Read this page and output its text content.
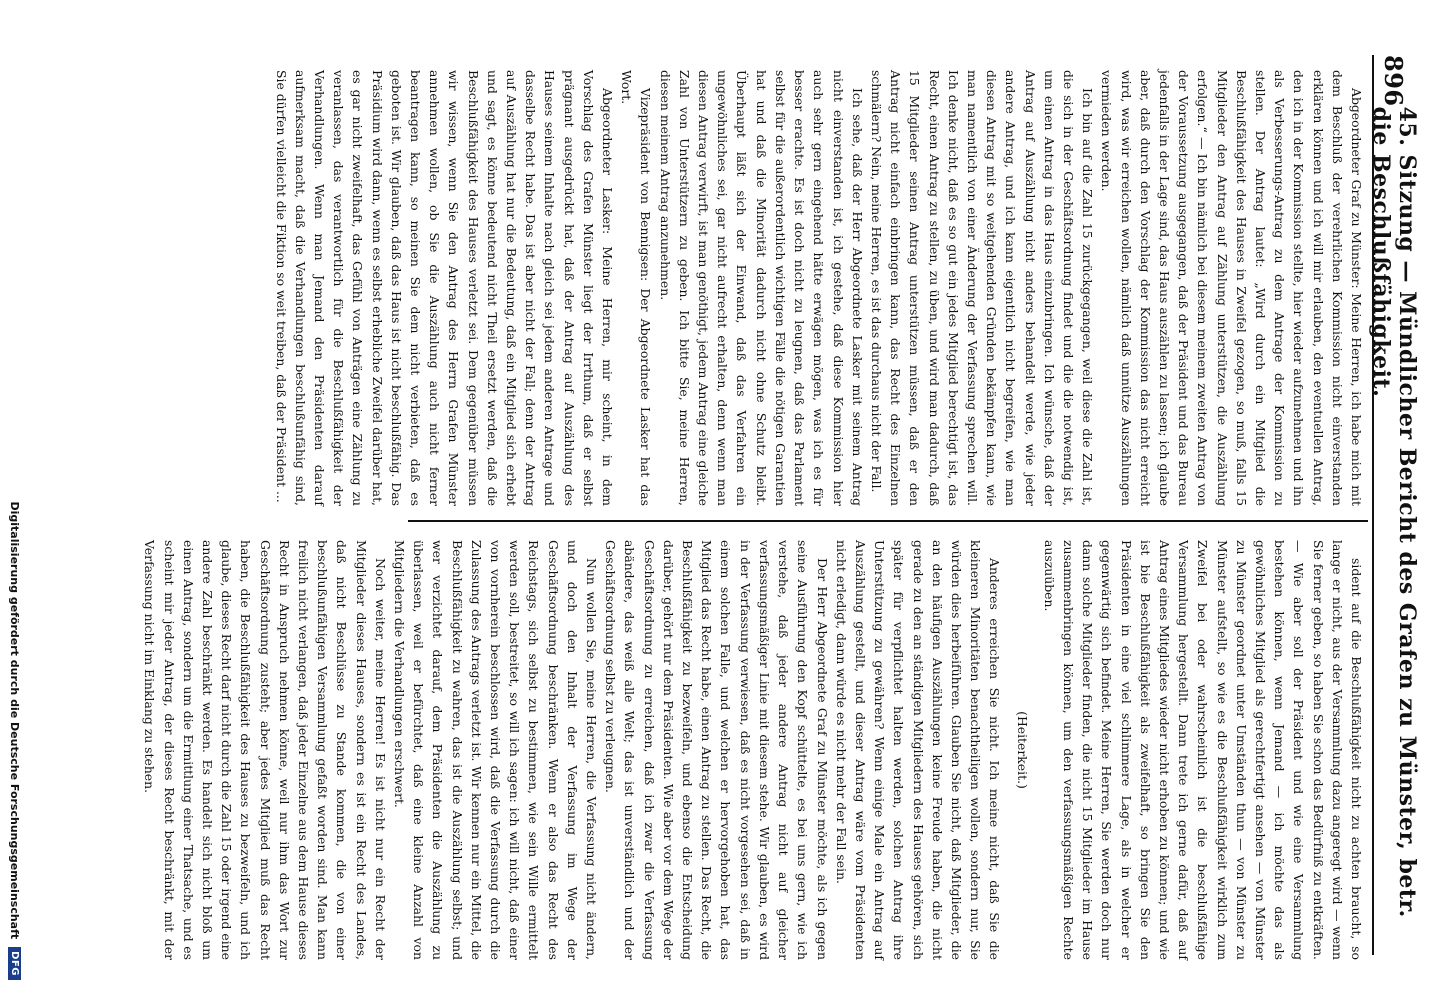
896
45. Sitzung — Mündlicher Bericht des Grafen zu Münster, betr. die Beschlußfähigkeit.

Abgeordneter Graf zu Münster: Meine Herren, ich habe mich mit dem Beschluß der verehrlichen Kommission nicht einverstanden erklären können und ich will mir erlauben, den eventuellen Antrag, den ich in der Kommission stellte, hier wieder aufzunehmen und ihn als Verbesserungs-Antrag zu dem Antrage der Kommission zu stellen. Der Antrag lautet: „Wird durch ein Mitglied die Beschlußfähigkeit des Hauses in Zweifel gezogen, so muß, falls 15 Mitglieder den Antrag auf Zählung unterstützen, die Auszählung erfolgen.“ — Ich bin nämlich bei diesem meinem zweiten Antrag von der Voraussetzung ausgegangen, daß der Präsident und das Bureau jedenfalls in der Lage sind, das Haus auszählen zu lassen; ich glaube aber, daß durch den Vorschlag der Kommission das nicht erreicht wird, was wir erreichen wollen, nämlich daß unnütze Auszählungen vermieden werden.

Ich bin auf die Zahl 15 zurückgegangen, weil diese die Zahl ist, die sich in der Geschäftsordnung findet und die die notwendig ist, um einen Antrag in das Haus einzubringen. Ich wünsche, daß der Antrag auf Auszählung nicht anders behandelt werde, wie jeder andere Antrag, und ich kann eigentlich nicht begreifen, wie man diesen Antrag mit so weitgehenden Gründen bekämpfen kann, wie man namentlich von einer Änderung der Verfassung sprechen will. Ich denke nicht, daß es so gut ein jedes Mitglied berechtigt ist, das Recht, einen Antrag zu stellen, zu üben, und wird man dadurch, daß 15 Mitglieder seinen Antrag unterstützen müssen, daß er den Antrag nicht einfach einbringen kann, das Recht des Einzelnen schmälern? Nein, meine Herren, es ist das durchaus nicht der Fall.

Ich sehe, daß der Herr Abgeordnete Lasker mit seinem Antrag nicht einverstanden ist, ich gestehe, daß diese Kommission hier auch sehr gern eingehend hätte erwägen mögen, was ich es für besser erachte. Es ist doch nicht zu leugnen, daß das Parlament selbst für die außerordentlich wichtigen Fälle die nötigen Garantien hat und daß die Minorität dadurch nicht ohne Schutz bleibt. Überhaupt läßt sich der Einwand, daß das Verfahren ein ungewöhnliches sei, gar nicht aufrecht erhalten, denn wenn man diesen Antrag verwirft, ist man genöthigt, jedem Antrag eine gleiche Zahl von Unterstützern zu geben. Ich bitte Sie, meine Herren, diesen meinem Antrag anzunehmen.

Vizepräsident von Bennigsen: Der Abgeordnete Lasker hat das Wort.

Abgeordneter Lasker: Meine Herren, mir scheint, in dem Vorschlag des Grafen Münster liegt der Irrthum, daß er selbst prägnant ausgedrückt hat, daß der Antrag auf Auszählung des Hauses seinem Inhalte nach gleich sei jedem anderen Antrage und dasselbe Recht habe. Das ist aber nicht der Fall; denn der Antrag auf Auszählung hat nur die Bedeutung, daß ein Mitglied sich erhebt und sagt, es könne bedeutend nicht Theil ersetzt werden, daß die Beschlußfähigkeit des Hauses verletzt sei. Dem gegenüber müssen wir wissen, wenn Sie den Antrag des Herrn Grafen Münster annehmen wollen, ob Sie die Auszählung auch nicht ferner beantragen kann, so meinen Sie dem nicht verbieten, daß es geboten ist. Wir glauben, daß das Haus ist nicht beschlußfähig. Das Präsidium wird dann, wenn es selbst erhebliche Zweifel darüber hat, es gar nicht zweifelhaft, das Gefühl von Anträgen eine Zählung zu veranlassen, das verantwortlich für die Beschlußfähigkeit der Verhandlungen. Wenn man Jemand den Präsidenten darauf aufmerksam macht, daß die Verhandlungen beschlußunfähig sind, Sie dürfen vielleicht die Fiktion so weit treiben, daß der Präsident ...

sident auf die Beschlußfähigkeit nicht zu achten braucht, so lange er nicht, aus der Versammlung dazu angeregt wird — wenn Sie ferner geben, so haben Sie schon das Bedürfniß zu entkräften. — Wie aber soll der Präsident und wie eine Versammlung bestehen können, wenn Jemand — ich möchte das als gewöhnliches Mitglied als gerechtfertigt ansehen — von Münster zu Münster geordnet unter Umständen thun — von Münster zu Münster aufstellt, so wie es die Beschlußfähigkeit wirklich zum Zweifel bei oder wahrscheinlich ist die beschlußfähige Versammlung hergestellt. Dann trete ich gerne dafür, daß auf Antrag eines Mitgliedes wieder nicht erhoben zu können; und wie ist bie Beschlußfähigkeit als zweifelhaft, so bringen Sie den Präsidenten in eine viel schlimmere Lage, als in welcher er gegenwärtig sich befindet. Meine Herren, Sie werden doch nur dann solche Mitglieder finden, die nicht 15 Mitglieder im Hause zusammenbringen können, um den verfassungsmäßigen Rechte auszuüben.

(Heiterkeit.)

Anderes erreichen Sie nicht. Ich meine nicht, daß Sie die kleineren Minoritäten benachtheiligen wollen, sondern nur, Sie würden dies herbeiführen. Glauben Sie nicht, daß Mitglieder, die an den häufigen Auszählungen keine Freude haben, die nicht gerade zu den an ständigen Mitgliedern des Hauses gehören, sich später für verpflichtet halten werden, solchen Antrag ihre Unterstützung zu gewähren? Wenn einige Male ein Antrag auf Auszählung gestellt, und dieser Antrag wäre vom Präsidenten nicht erledigt, dann würde es nicht mehr der Fall sein.

Der Herr Abgeordnete Graf zu Münster möchte, als ich gegen seine Ausführung den Kopf schüttelte, es bei uns gern, wie ich verstehe, daß jeder andere Antrag nicht auf gleicher verfassungsmäßiger Linie mit diesem stehe. Wir glauben, es wird in der Verfassung verwiesen, daß es nicht vorgesehen sei, daß in einem solchen Falle, und welchen er hervorgehoben hat, das Mitglied das Recht habe, einen Antrag zu stellen. Das Recht, die Beschlußfähigkeit zu bezweifeln, und ebenso die Entscheidung darüber, gehört nur dem Präsidenten. Wie aber vor dem Wege der Geschäftsordnung zu erreichen, daß ich zwar die Verfassung abändere, das weiß alle Welt; das ist unverständlich und der Geschäftsordnung selbst zu verleugnen.

Nun wollen Sie, meine Herren, die Verfassung nicht ändern, und doch den Inhalt der Verfassung im Wege der Geschäftsordnung beschränken. Wenn er also das Recht des Reichstags, sich selbst zu bestimmen, wie sein Wille ermittelt werden soll, bestreitet, so will ich sagen: ich will nicht, daß einer von vornherein beschlossen wird, daß die Verfassung durch die Zulassung des Antrags verletzt ist. Wir kennen nur ein Mittel, die Beschlußfähigkeit zu wahren, das ist die Auszählung selbst; und wer verzichtet darauf, dem Präsidenten die Auszählung zu überlassen, weil er befürchtet, daß eine kleine Anzahl von Mitgliedern die Verhandlungen erschwert.

Noch weiter, meine Herren! Es ist nicht nur ein Recht der Mitglieder dieses Hauses, sondern es ist ein Recht des Landes, daß nicht Beschlüsse zu Stande kommen, die von einer beschlußunfähigen Versammlung gefaßt worden sind. Man kann freilich nicht verlangen, daß jeder Einzelne aus dem Hause dieses Recht in Anspruch nehmen könne, weil nur ihm das Wort zur Geschäftsordnung zusteht; aber jedes Mitglied muß das Recht haben, die Beschlußfähigkeit des Hauses zu bezweifeln, und ich glaube, dieses Recht darf nicht durch die Zahl 15 oder irgend eine andere Zahl beschränkt werden. Es handelt sich nicht bloß um einen Antrag, sondern um die Ermittlung einer Thatsache, und es scheint mir jeder Antrag, der dieses Recht beschränkt, mit der Verfassung nicht im Einklang zu stehen.

Digitalisierung gefördert durch die Deutsche Forschungsgemeinschaft
DFG
